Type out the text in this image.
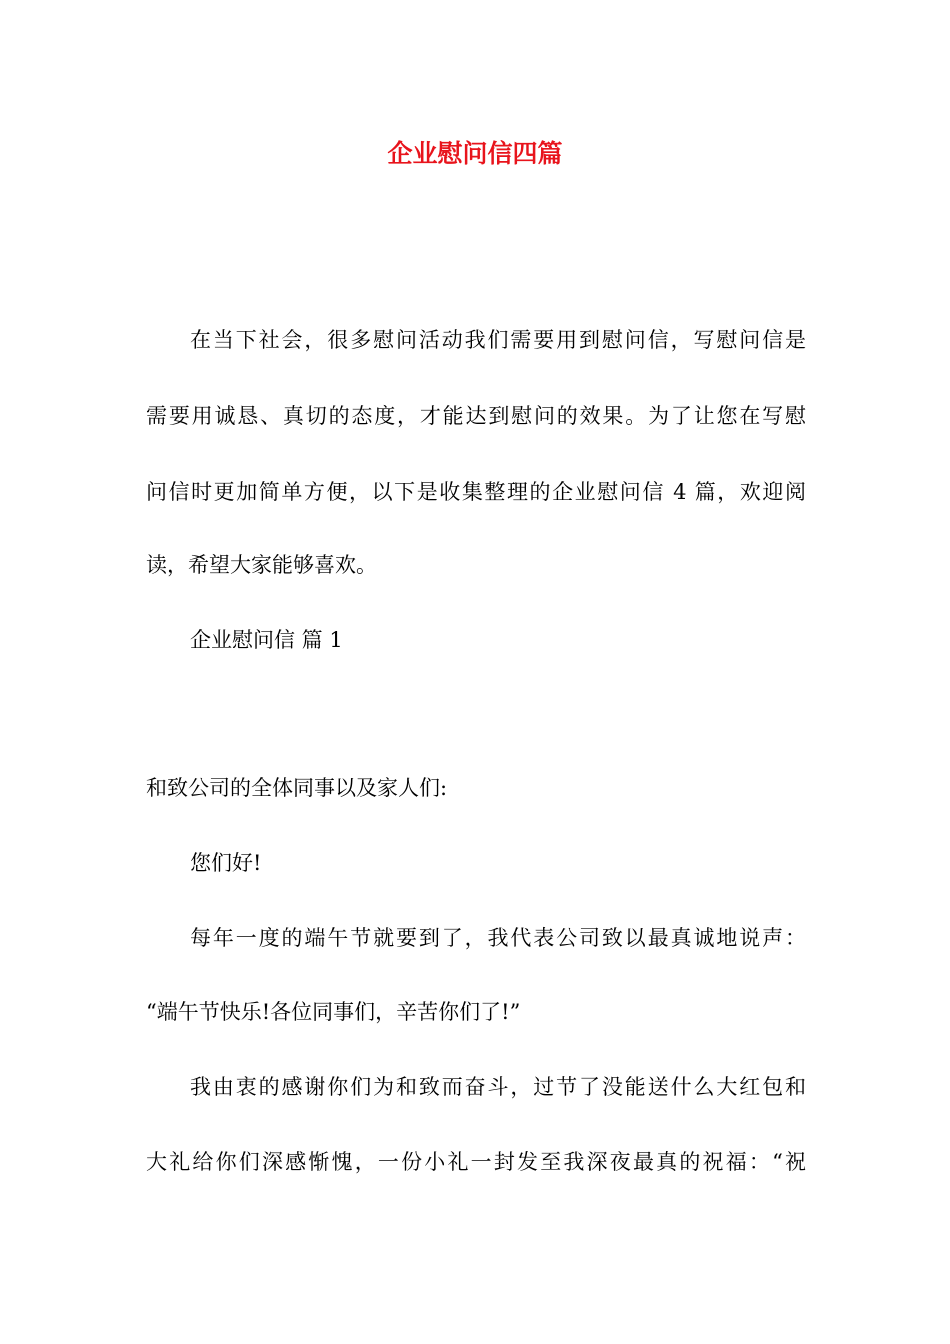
企业慰问信四篇
在当下社会，很多慰问活动我们需要用到慰问信，写慰问信是
需要用诚恳、真切的态度，才能达到慰问的效果。为了让您在写慰
问信时更加简单方便，以下是收集整理的企业慰问信 4 篇，欢迎阅
读，希望大家能够喜欢。
企业慰问信 篇 1
和致公司的全体同事以及家人们:
您们好!
每年一度的端午节就要到了，我代表公司致以最真诚地说声：
“端午节快乐!各位同事们，辛苦你们了!”
我由衷的感谢你们为和致而奋斗，过节了没能送什么大红包和
大礼给你们深感惭愧，一份小礼一封发至我深夜最真的祝福：“祝
